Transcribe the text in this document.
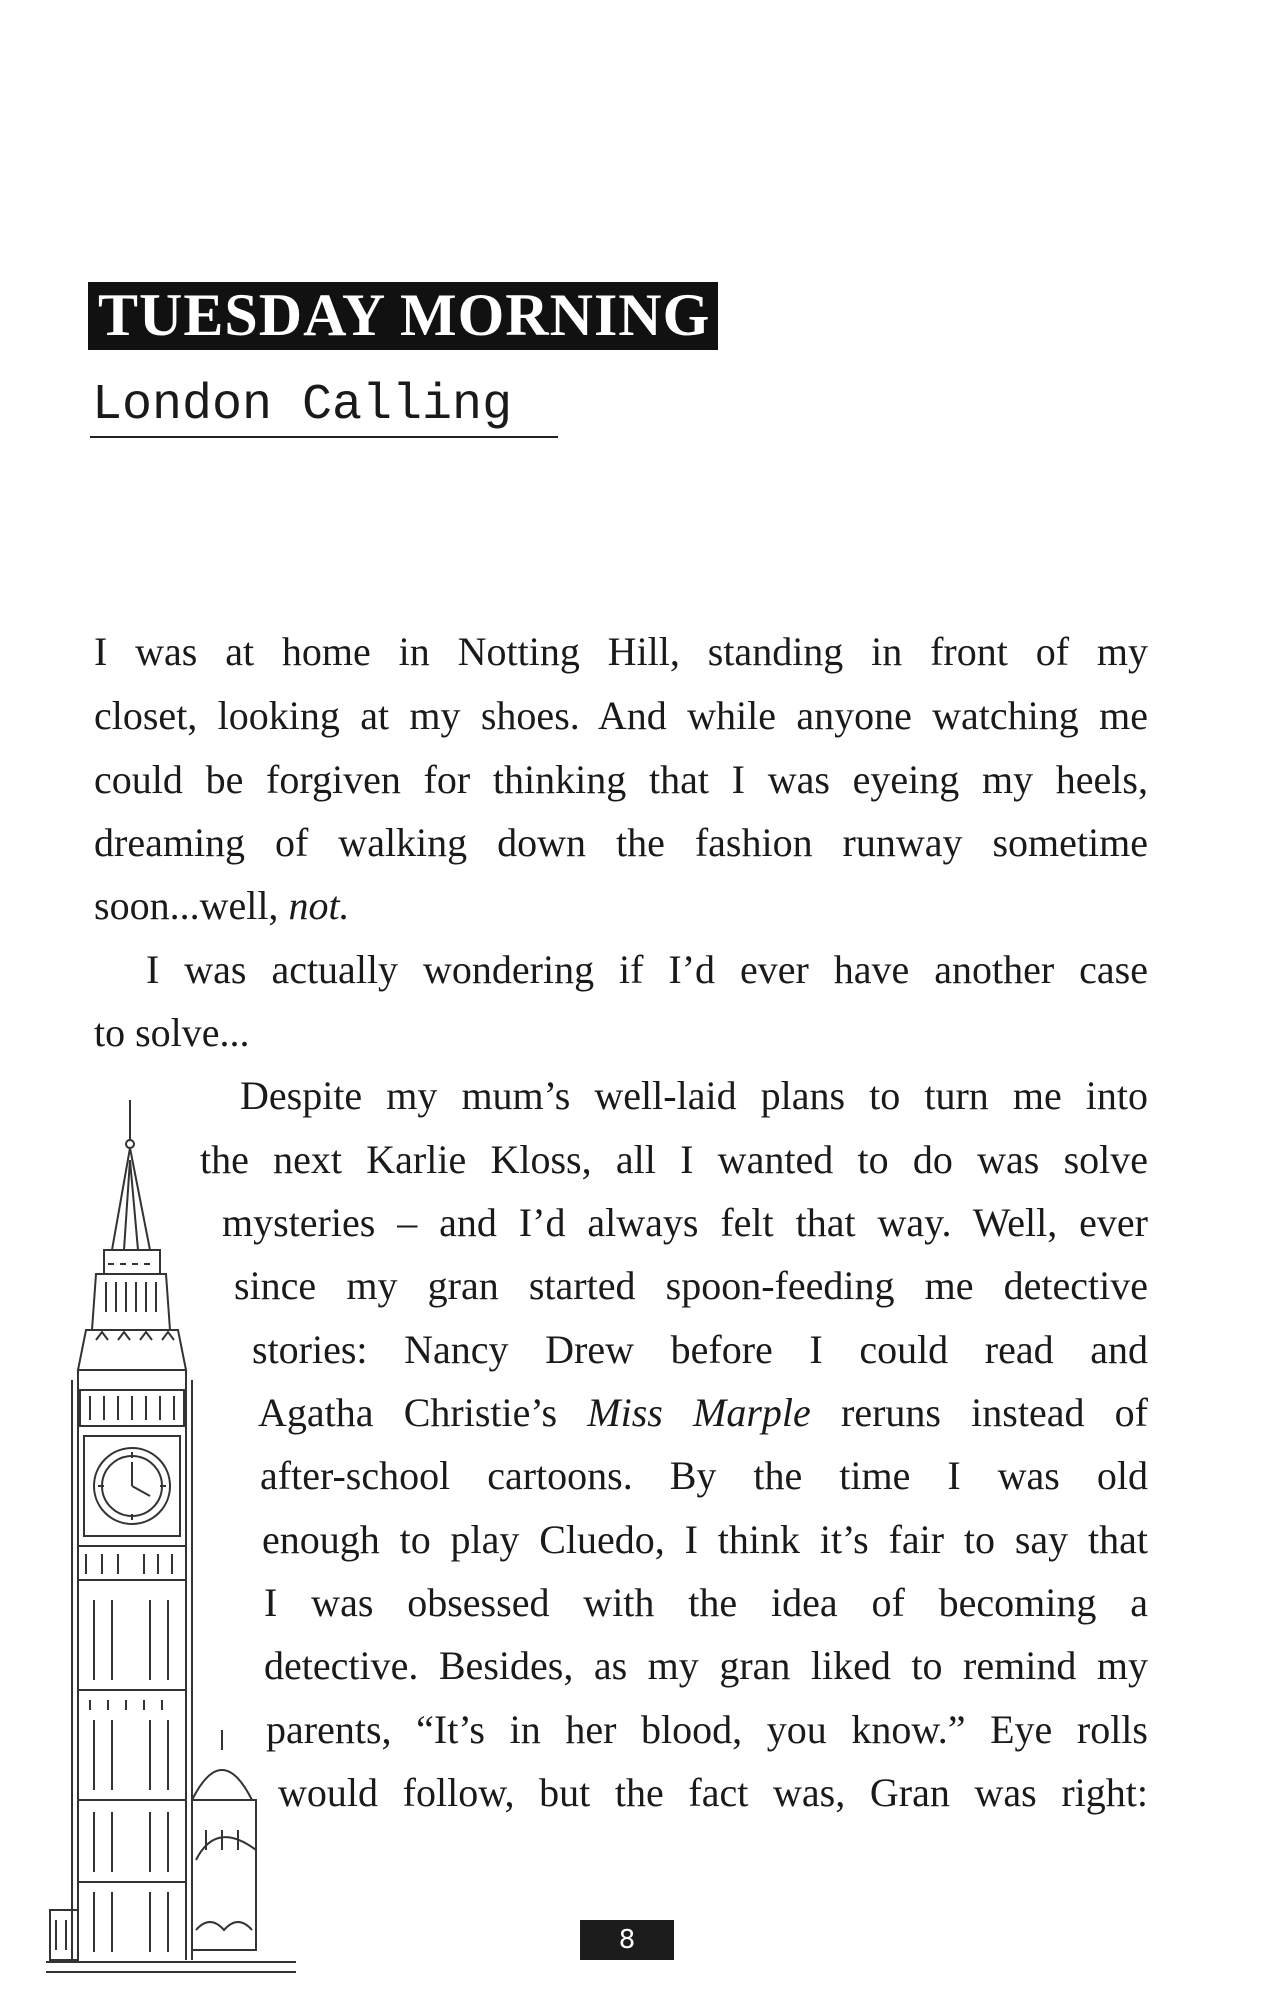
TUESDAY MORNING
London Calling
I was at home in Notting Hill, standing in front of my
closet, looking at my shoes. And while anyone watching me
could be forgiven for thinking that I was eyeing my heels,
dreaming of walking down the fashion runway sometime
soon...well, not.
I was actually wondering if I’d ever have another case
to solve...
Despite my mum’s well-laid plans to turn me into
the next Karlie Kloss, all I wanted to do was solve
mysteries – and I’d always felt that way. Well, ever
since my gran started spoon-feeding me detective
stories: Nancy Drew before I could read and
Agatha Christie’s Miss Marple reruns instead of
after-school cartoons. By the time I was old
enough to play Cluedo, I think it’s fair to say that
I was obsessed with the idea of becoming a
detective. Besides, as my gran liked to remind my
parents, “It’s in her blood, you know.” Eye rolls
would follow, but the fact was, Gran was right:
8
